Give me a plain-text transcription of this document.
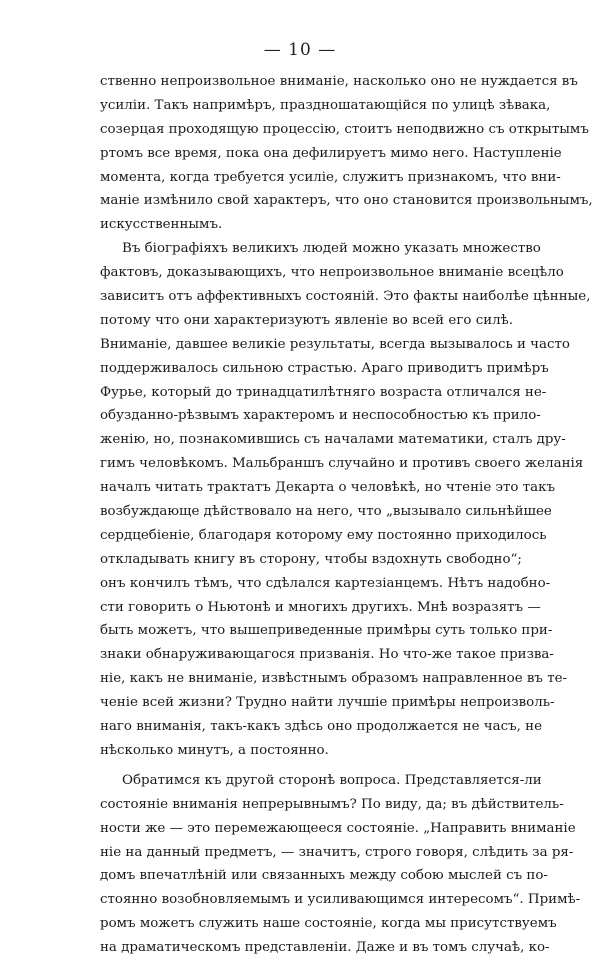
— 10 —
ственно непроизвольное вниманіе, насколько оно не нуждается въ
усиліи. Такъ напримѣръ, праздношатающійся по улицѣ зѣвака,
созерцая проходящую процессію, стоитъ неподвижно съ открытымъ
ртомъ все время, пока она дефилируетъ мимо него. Наступленіе
момента, когда требуется усиліе, служитъ признакомъ, что вни-
маніе измѣнило свой характеръ, что оно становится произвольнымъ,
искусственнымъ.
Въ біографіяхъ великихъ людей можно указать множество
фактовъ, доказывающихъ, что непроизвольное вниманіе всецѣло
зависитъ отъ аффективныхъ состояній. Это факты наиболѣе цѣнные,
потому что они характеризуютъ явленіе во всей его силѣ.
Вниманіе, давшее великіе результаты, всегда вызывалось и часто
поддерживалось сильною страстью. Араго приводитъ примѣръ
Фурье, который до тринадцатилѣтняго возраста отличался не-
обузданно-рѣзвымъ характеромъ и неспособностью къ прило-
женію, но, познакомившись съ началами математики, сталъ дру-
гимъ человѣкомъ. Мальбраншъ случайно и противъ своего желанія
началъ читать трактатъ Декарта о человѣкѣ, но чтеніе это такъ
возбуждающе дѣйствовало на него, что „вызывало сильнѣйшее
сердцебіеніе, благодаря которому ему постоянно приходилось
откладывать книгу въ сторону, чтобы вздохнуть свободно“;
онъ кончилъ тѣмъ, что сдѣлался картезіанцемъ. Нѣтъ надобно-
сти говорить о Ньютонѣ и многихъ другихъ. Мнѣ возразятъ —
быть можетъ, что вышеприведенные примѣры суть только при-
знаки обнаруживающагося призванія. Но что-же такое призва-
ніе, какъ не вниманіе, извѣстнымъ образомъ направленное въ те-
ченіе всей жизни? Трудно найти лучшіе примѣры непроизволь-
наго вниманія, такъ-какъ здѣсь оно продолжается не часъ, не
нѣсколько минутъ, а постоянно.
Обратимся къ другой сторонѣ вопроса. Представляется-ли
состояніе вниманія непрерывнымъ? По виду, да; въ дѣйствитель-
ности же — это перемежающееся состояніе. „Направить вниманіе
ніе на данный предметъ, — значитъ, строго говоря, слѣдить за ря-
домъ впечатлѣній или связанныхъ между собою мыслей съ по-
стоянно возобновляемымъ и усиливающимся интересомъ“. Примѣ-
ромъ можетъ служить наше состояніе, когда мы присутствуемъ
на драматическомъ представленіи. Даже и въ томъ случаѣ, ко-
